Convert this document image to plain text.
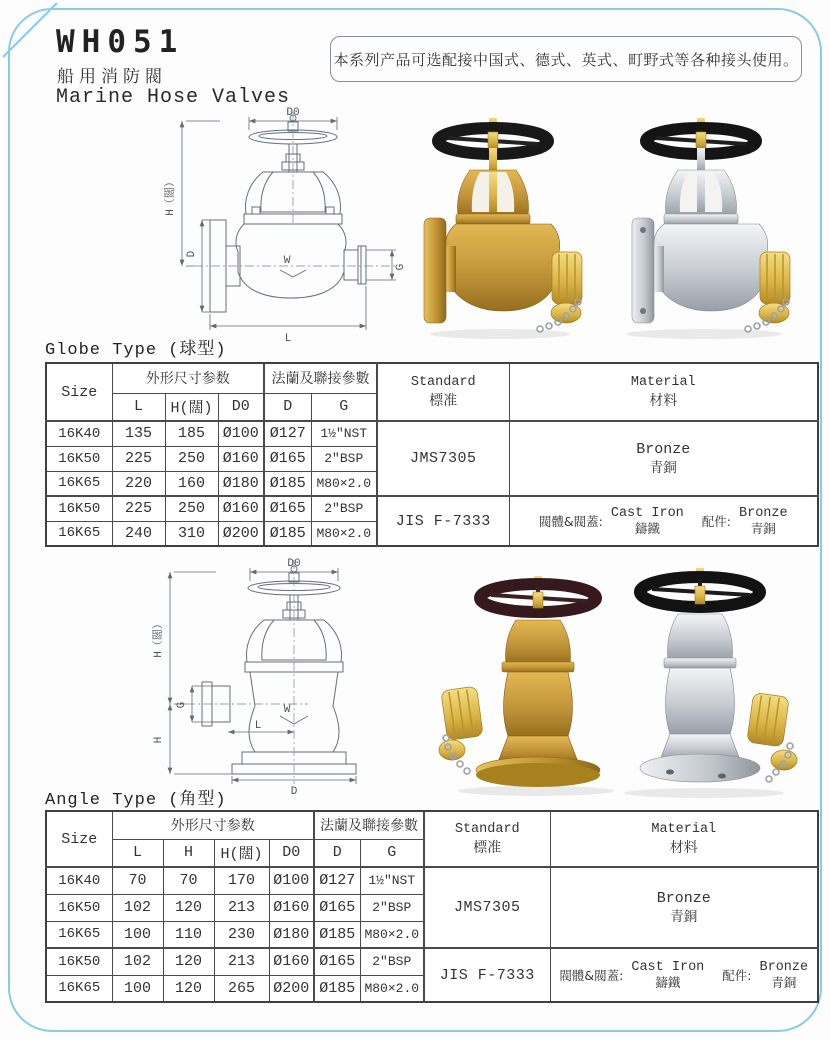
WH051
船用消防閥
Marine Hose Valves
本系列产品可选配接中国式、德式、英式、町野式等各种接头使用。
D0
H（闊）
D
G
L
W
Globe Type (球型)
Size	外形尺寸参数	法蘭及聯接參數	Standard
標准

Material
材料

	L	H(闊)	D0	D	G		
16K40	135	185	Ø100	Ø127	1½″NST	JMS7305	Bronze
青銅

16K50	225	250	Ø160	Ø165	2″BSP		
16K65	220	160	Ø180	Ø185	M80×2.0		
16K50	225	250	Ø160	Ø165	2″BSP	JIS F-7333	閥體&閥蓋:
Cast Iron
鑄鐵	配件:
Bronze
青銅

16K65	240	310	Ø200	Ø185	M80×2.0		
D0
H（闊）
H
G
L
D
W
Angle Type (角型)
Size	外形尺寸参数	法蘭及聯接參數	Standard
標准

Material
材料

	L	H	H(闊)	D0	D	G		
16K40	70	70	170	Ø100	Ø127	1½″NST	JMS7305	Bronze
青銅

16K50	102	120	213	Ø160	Ø165	2″BSP		
16K65	100	110	230	Ø180	Ø185	M80×2.0		
16K50	102	120	213	Ø160	Ø165	2″BSP	JIS F-7333	閥體&閥蓋:
Cast Iron
鑄鐵	配件:
Bronze
青銅

16K65	100	120	265	Ø200	Ø185	M80×2.0		
